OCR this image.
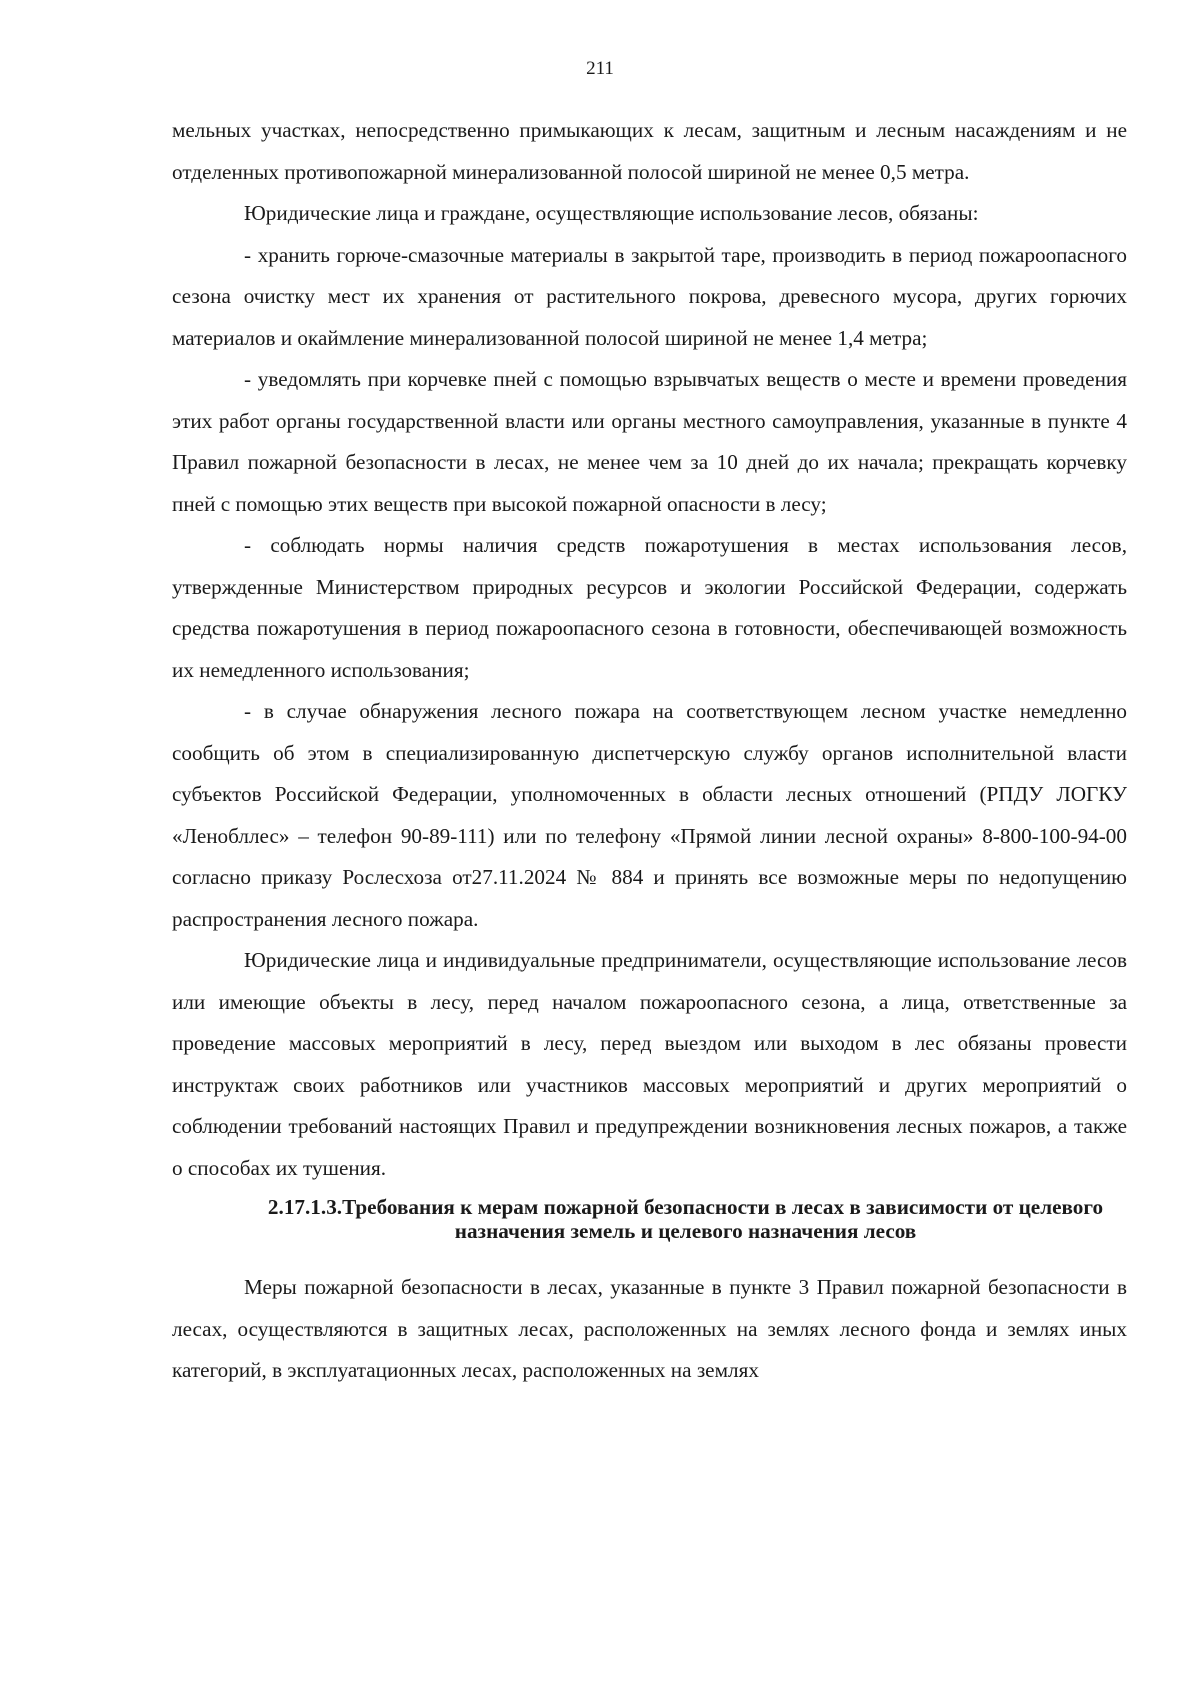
211

мельных участках, непосредственно примыкающих к лесам, защитным и лесным насаждениям и не отделенных противопожарной минерализованной полосой шириной не менее 0,5 метра.

Юридические лица и граждане, осуществляющие использование лесов, обязаны:

- хранить горюче-смазочные материалы в закрытой таре, производить в период пожароопасного сезона очистку мест их хранения от растительного покрова, древесного мусора, других горючих материалов и окаймление минерализованной полосой шириной не менее 1,4 метра;

- уведомлять при корчевке пней с помощью взрывчатых веществ о месте и времени проведения этих работ органы государственной власти или органы местного самоуправления, указанные в пункте 4 Правил пожарной безопасности в лесах, не менее чем за 10 дней до их начала; прекращать корчевку пней с помощью этих веществ при высокой пожарной опасности в лесу;

- соблюдать нормы наличия средств пожаротушения в местах использования лесов, утвержденные Министерством природных ресурсов и экологии Российской Федерации, содержать средства пожаротушения в период пожароопасного сезона в готовности, обеспечивающей возможность их немедленного использования;

- в случае обнаружения лесного пожара на соответствующем лесном участке немедленно сообщить об этом в специализированную диспетчерскую службу органов исполнительной власти субъектов Российской Федерации, уполномоченных в области лесных отношений (РПДУ ЛОГКУ «Ленобллес» – телефон 90-89-111) или по телефону «Прямой линии лесной охраны» 8-800-100-94-00 согласно приказу Рослесхоза от27.11.2024 № 884 и принять все возможные меры по недопущению распространения лесного пожара.

Юридические лица и индивидуальные предприниматели, осуществляющие использование лесов или имеющие объекты в лесу, перед началом пожароопасного сезона, а лица, ответственные за проведение массовых мероприятий в лесу, перед выездом или выходом в лес обязаны провести инструктаж своих работников или участников массовых мероприятий и других мероприятий о соблюдении требований настоящих Правил и предупреждении возникновения лесных пожаров, а также о способах их тушения.

2.17.1.3.Требования к мерам пожарной безопасности в лесах в зависимости от целевого назначения земель и целевого назначения лесов

Меры пожарной безопасности в лесах, указанные в пункте 3 Правил пожарной безопасности в лесах, осуществляются в защитных лесах, расположенных на землях лесного фонда и землях иных категорий, в эксплуатационных лесах, расположенных на землях
